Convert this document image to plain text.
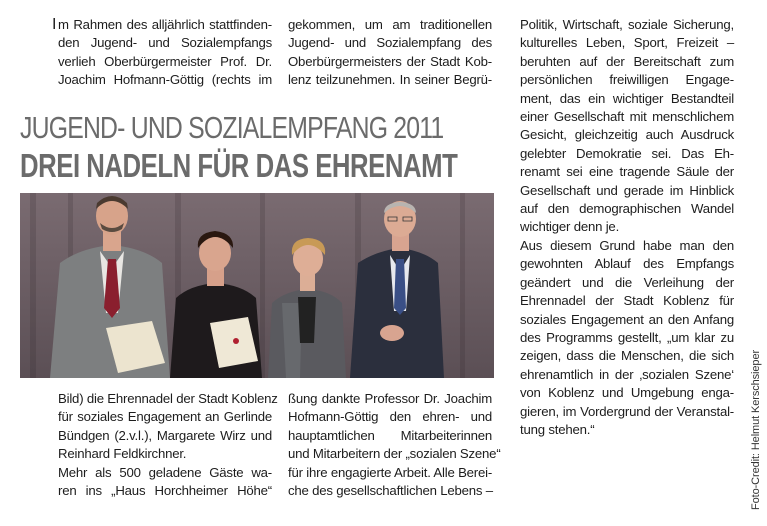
I m Rahmen des alljährlich stattfinden-

den Jugend- und Sozialempfangs

verlieh Oberbürgermeister Prof. Dr.

Joachim Hofmann-Göttig (rechts im

gekommen, um am traditionellen

Jugend- und Sozialempfang des

Oberbürgermeisters der Stadt Kob-

lenz teilzunehmen. In seiner Begrü-

JUGEND- UND SOZIALEMPFANG 2011
DREI NADELN FÜR DAS EHRENAMT

Bild) die Ehrennadel der Stadt Koblenz

für soziales Engagement an Gerlinde

Bündgen (2.v.l.), Margarete Wirz und

Reinhard Feldkirchner.

Mehr als 500 geladene Gäste wa-

ren ins „Haus Horchheimer Höhe“

ßung dankte Professor Dr. Joachim

Hofmann-Göttig den ehren- und

hauptamtlichen Mitarbeiterinnen

und Mitarbeitern der „sozialen Szene“

für ihre engagierte Arbeit. Alle Berei-

che des gesellschaftlichen Lebens –

Politik, Wirtschaft, soziale Sicherung,

kulturelles Leben, Sport, Freizeit –

beruhten auf der Bereitschaft zum

persönlichen freiwilligen Engage-

ment, das ein wichtiger Bestandteil

einer Gesellschaft mit menschlichem

Gesicht, gleichzeitig auch Ausdruck

gelebter Demokratie sei. Das Eh-

renamt sei eine tragende Säule der

Gesellschaft und gerade im Hinblick

auf den demographischen Wandel

wichtiger denn je.

Aus diesem Grund habe man den

gewohnten Ablauf des Empfangs

geändert und die Verleihung der

Ehrennadel der Stadt Koblenz für

soziales Engagement an den Anfang

des Programms gestellt, „um klar zu

zeigen, dass die Menschen, die sich

ehrenamtlich in der ‚sozialen Szene‘

von Koblenz und Umgebung enga-

gieren, im Vordergrund der Veranstal-

tung stehen.“	Foto-Credit: Helmut Kerschsieper
